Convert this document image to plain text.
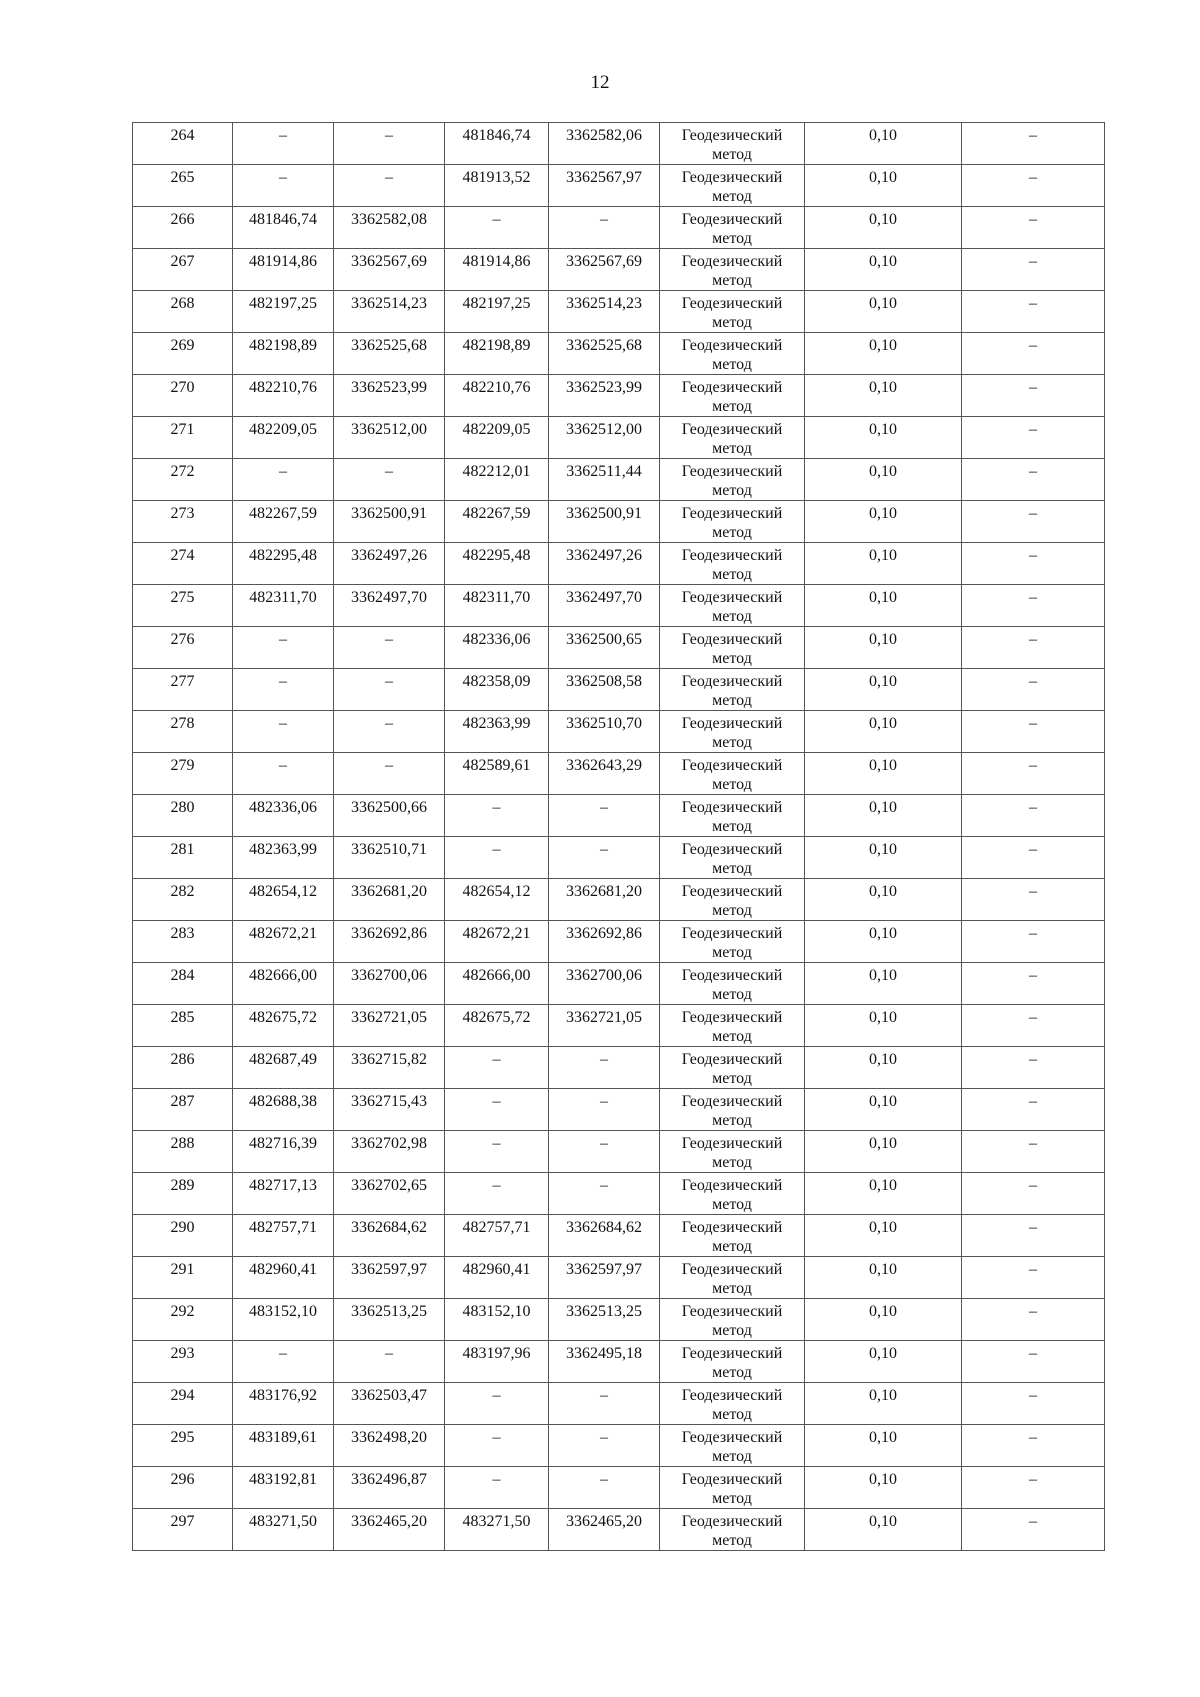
12
264	–	–	481846,74	3362582,06	Геодезический метод	0,10	–
265	–	–	481913,52	3362567,97	Геодезический метод	0,10	–
266	481846,74	3362582,08	–	–	Геодезический метод	0,10	–
267	481914,86	3362567,69	481914,86	3362567,69	Геодезический метод	0,10	–
268	482197,25	3362514,23	482197,25	3362514,23	Геодезический метод	0,10	–
269	482198,89	3362525,68	482198,89	3362525,68	Геодезический метод	0,10	–
270	482210,76	3362523,99	482210,76	3362523,99	Геодезический метод	0,10	–
271	482209,05	3362512,00	482209,05	3362512,00	Геодезический метод	0,10	–
272	–	–	482212,01	3362511,44	Геодезический метод	0,10	–
273	482267,59	3362500,91	482267,59	3362500,91	Геодезический метод	0,10	–
274	482295,48	3362497,26	482295,48	3362497,26	Геодезический метод	0,10	–
275	482311,70	3362497,70	482311,70	3362497,70	Геодезический метод	0,10	–
276	–	–	482336,06	3362500,65	Геодезический метод	0,10	–
277	–	–	482358,09	3362508,58	Геодезический метод	0,10	–
278	–	–	482363,99	3362510,70	Геодезический метод	0,10	–
279	–	–	482589,61	3362643,29	Геодезический метод	0,10	–
280	482336,06	3362500,66	–	–	Геодезический метод	0,10	–
281	482363,99	3362510,71	–	–	Геодезический метод	0,10	–
282	482654,12	3362681,20	482654,12	3362681,20	Геодезический метод	0,10	–
283	482672,21	3362692,86	482672,21	3362692,86	Геодезический метод	0,10	–
284	482666,00	3362700,06	482666,00	3362700,06	Геодезический метод	0,10	–
285	482675,72	3362721,05	482675,72	3362721,05	Геодезический метод	0,10	–
286	482687,49	3362715,82	–	–	Геодезический метод	0,10	–
287	482688,38	3362715,43	–	–	Геодезический метод	0,10	–
288	482716,39	3362702,98	–	–	Геодезический метод	0,10	–
289	482717,13	3362702,65	–	–	Геодезический метод	0,10	–
290	482757,71	3362684,62	482757,71	3362684,62	Геодезический метод	0,10	–
291	482960,41	3362597,97	482960,41	3362597,97	Геодезический метод	0,10	–
292	483152,10	3362513,25	483152,10	3362513,25	Геодезический метод	0,10	–
293	–	–	483197,96	3362495,18	Геодезический метод	0,10	–
294	483176,92	3362503,47	–	–	Геодезический метод	0,10	–
295	483189,61	3362498,20	–	–	Геодезический метод	0,10	–
296	483192,81	3362496,87	–	–	Геодезический метод	0,10	–
297	483271,50	3362465,20	483271,50	3362465,20	Геодезический метод	0,10	–
